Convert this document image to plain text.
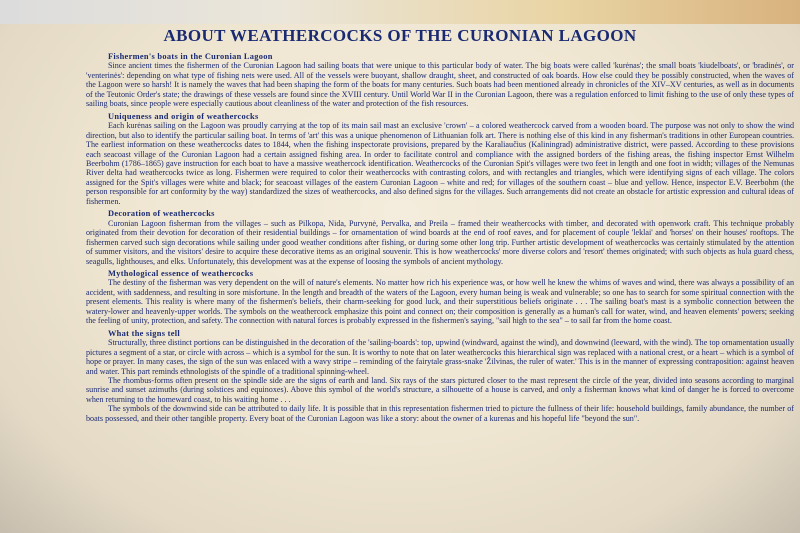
ABOUT WEATHERCOCKS OF THE CURONIAN LAGOON
Fishermen's boats in the Curonian Lagoon

Since ancient times the fishermen of the Curonian Lagoon had sailing boats that were unique to this particular body of water. The big boats were called 'kurėnas'; the small boats 'kiudelboats', or 'bradinės', or 'venterinės': depending on what type of fishing nets were used. All of the vessels were buoyant, shallow draught, sheet, and constructed of oak boards. How else could they be possibly constructed, when the waves of the Lagoon were so harsh! It is namely the waves that had been shaping the form of the boats for many centuries. Such boats had been mentioned already in chronicles of the XIV–XV centuries, as well as in documents of the Teutonic Order's state; the drawings of these vessels are found since the XVIII century. Until World War II in the Curonian Lagoon, there was a regulation enforced to limit fishing to the use of only these types of sailing boats, since people were especially cautious about cleanliness of the water and protection of the fish resources.

Uniqueness and origin of weathercocks

Each kurėnas sailing on the Lagoon was proudly carrying at the top of its main sail mast an exclusive 'crown' – a colored weathercock carved from a wooden board. The purpose was not only to show the wind direction, but also to identify the particular sailing boat. In terms of 'art' this was a unique phenomenon of Lithuanian folk art. There is nothing else of this kind in any fisherman's traditions in other European countries. The earliest information on these weathercocks dates to 1844, when the fishing inspectorate provisions, prepared by the Karaliaučius (Kaliningrad) administrative district, were passed. According to these provisions each seacoast village of the Curonian Lagoon had a certain assigned fishing area. In order to facilitate control and compliance with the assigned borders of the fishing areas, the fishing inspector Ernst Wilhelm Beerbohm (1786–1865) gave instruction for each boat to have a massive weathercock identification. Weathercocks of the Curonian Spit's villages were two feet in length and one foot in width; villages of the Nemunas River delta had weathercocks twice as long. Fishermen were required to color their weathercocks with contrasting colors, and with rectangles and triangles, which were identifying signs of each village. The colors assigned for the Spit's villages were white and black; for seacoast villages of the eastern Curonian Lagoon – white and red; for villages of the southern coast – blue and yellow. Hence, inspector E.V. Beerbohm (the person responsible for art conformity by the way) standardized the sizes of weathercocks, and also defined signs for the villages. Such arrangements did not create an obstacle for artistic expression and cultural ideas of fishermen.

Decoration of weathercocks

Curonian Lagoon fisherman from the villages – such as Pilkopa, Nida, Purvynė, Pervalka, and Preila – framed their weathercocks with timber, and decorated with openwork craft. This technique probably originated from their devotion for decoration of their residential buildings – for ornamentation of wind boards at the end of roof eaves, and for placement of couple 'leklai' and 'horses' on their houses' rooftops. The fishermen carved such sign decorations while sailing under good weather conditions after fishing, or during some other long trip. Further artistic development of weathercocks was certainly stimulated by the attention of summer visitors, and the visitors' desire to acquire these decorative items as an original souvenir. This is how weathercocks' more diverse colors and 'resort' themes originated; with such objects as hula guard chess, seagulls, lighthouses, and elks. Unfortunately, this development was at the expense of loosing the symbols of ancient mythology.

Mythological essence of weathercocks

The destiny of the fisherman was very dependent on the will of nature's elements. No matter how rich his experience was, or how well he knew the whims of waves and wind, there was always a possibility of an accident, with saddenness, and resulting in sore misfortune. In the length and breadth of the waters of the Lagoon, every human being is weak and vulnerable; so one has to search for some spiritual connection with the present elements. This reality is where many of the fishermen's beliefs, their charm-seeking for good luck, and their superstitious beliefs originate . . . The sailing boat's mast is a symbolic connection between the watery-lower and heavenly-upper worlds. The symbols on the weathercock emphasize this point and connect on; their composition is generally as a human's call for water, wind, and heaven elements' powers; seeking the feeling of unity, protection, and safety. The connection with natural forces is probably expressed in the fishermen's saying, "sail high to the sea" – to sail far from the home coast.

What the signs tell

Structurally, three distinct portions can be distinguished in the decoration of the 'sailing-boards': top, upwind (windward, against the wind), and downwind (leeward, with the wind). The top ornamentation usually pictures a segment of a star, or circle with across – which is a symbol for the sun. It is worthy to note that on later weathercocks this hierarchical sign was replaced with a national crest, or a heart – which is a symbol of hope or prayer. In many cases, the sign of the sun was enlaced with a wavy stripe – reminding of the fairytale grass-snake 'Žilvinas, the ruler of water.' This is in the manner of expressing contraposition: against heaven and water. This part reminds ethnologists of the spindle of a traditional spinning-wheel.

The rhombus-forms often present on the spindle side are the signs of earth and land. Six rays of the stars pictured closer to the mast represent the circle of the year, divided into seasons according to marginal sunrise and sunset azimuths (during solstices and equinoxes). Above this symbol of the world's structure, a silhouette of a house is carved, and only a fisherman knows what kind of danger he is forced to overcome when returning to the homeward coast, to his waiting home . . .

The symbols of the downwind side can be attributed to daily life. It is possible that in this representation fishermen tried to picture the fullness of their life: household buildings, family abundance, the number of boats possessed, and their other tangible property. Every boat of the Curonian Lagoon was like a story: about the owner of a kurenas and his hopeful life "beyond the sun".
